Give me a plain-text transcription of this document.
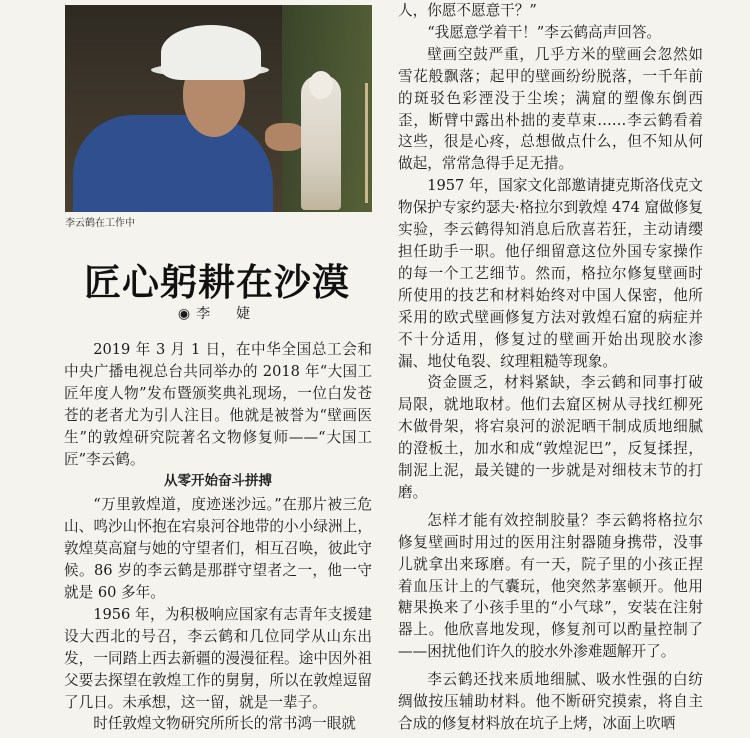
李云鹤在工作中
匠心躬耕在沙漠
◉李　婕

2019 年 3 月 1 日，在中华全国总工会和中央广播电视总台共同举办的 2018 年“大国工匠年度人物”发布暨颁奖典礼现场，一位白发苍苍的老者尤为引人注目。他就是被誉为“壁画医生”的敦煌研究院著名文物修复师——“大国工匠”李云鹤。

从零开始奋斗拼搏

“万里敦煌道，度迹迷沙远。”在那片被三危山、鸣沙山怀抱在宕泉河谷地带的小小绿洲上，敦煌莫高窟与她的守望者们，相互召唤，彼此守候。86 岁的李云鹤是那群守望者之一，他一守就是 60 多年。

1956 年，为积极响应国家有志青年支援建设大西北的号召，李云鹤和几位同学从山东出发，一同踏上西去新疆的漫漫征程。途中因外祖父要去探望在敦煌工作的舅舅，所以在敦煌逗留了几日。未承想，这一留，就是一辈子。

时任敦煌文物研究所所长的常书鸿一眼就

人，你愿不愿意干？”

“我愿意学着干！”李云鹤高声回答。

壁画空鼓严重，几乎方米的壁画会忽然如雪花般飘落；起甲的壁画纷纷脱落，一千年前的斑驳色彩湮没于尘埃；满窟的塑像东倒西歪，断臂中露出朴拙的麦草束……李云鹤看着这些，很是心疼，总想做点什么，但不知从何做起，常常急得手足无措。

1957 年，国家文化部邀请捷克斯洛伐克文物保护专家约瑟夫·格拉尔到敦煌 474 窟做修复实验，李云鹤得知消息后欣喜若狂，主动请缨担任助手一职。他仔细留意这位外国专家操作的每一个工艺细节。然而，格拉尔修复壁画时所使用的技艺和材料始终对中国人保密，他所采用的欧式壁画修复方法对敦煌石窟的病症并不十分适用，修复过的壁画开始出现胶水渗漏、地仗龟裂、纹理粗糙等现象。

资金匮乏，材料紧缺，李云鹤和同事打破局限，就地取材。他们去窟区树从寻找红柳死木做骨架，将宕泉河的淤泥晒干制成质地细腻的澄板土，加水和成“敦煌泥巴”，反复揉捏，制泥上泥，最关键的一步就是对细枝末节的打磨。

怎样才能有效控制胶量？李云鹤将格拉尔修复壁画时用过的医用注射器随身携带，没事儿就拿出来琢磨。有一天，院子里的小孩正捏着血压计上的气囊玩，他突然茅塞顿开。他用糖果换来了小孩手里的“小气球”，安装在注射器上。他欣喜地发现，修复剂可以酌量控制了——困扰他们许久的胶水外渗难题解开了。

李云鹤还找来质地细腻、吸水性强的白纺绸做按压辅助材料。他不断研究摸索，将自主合成的修复材料放在坑子上烤，冰面上吹晒
